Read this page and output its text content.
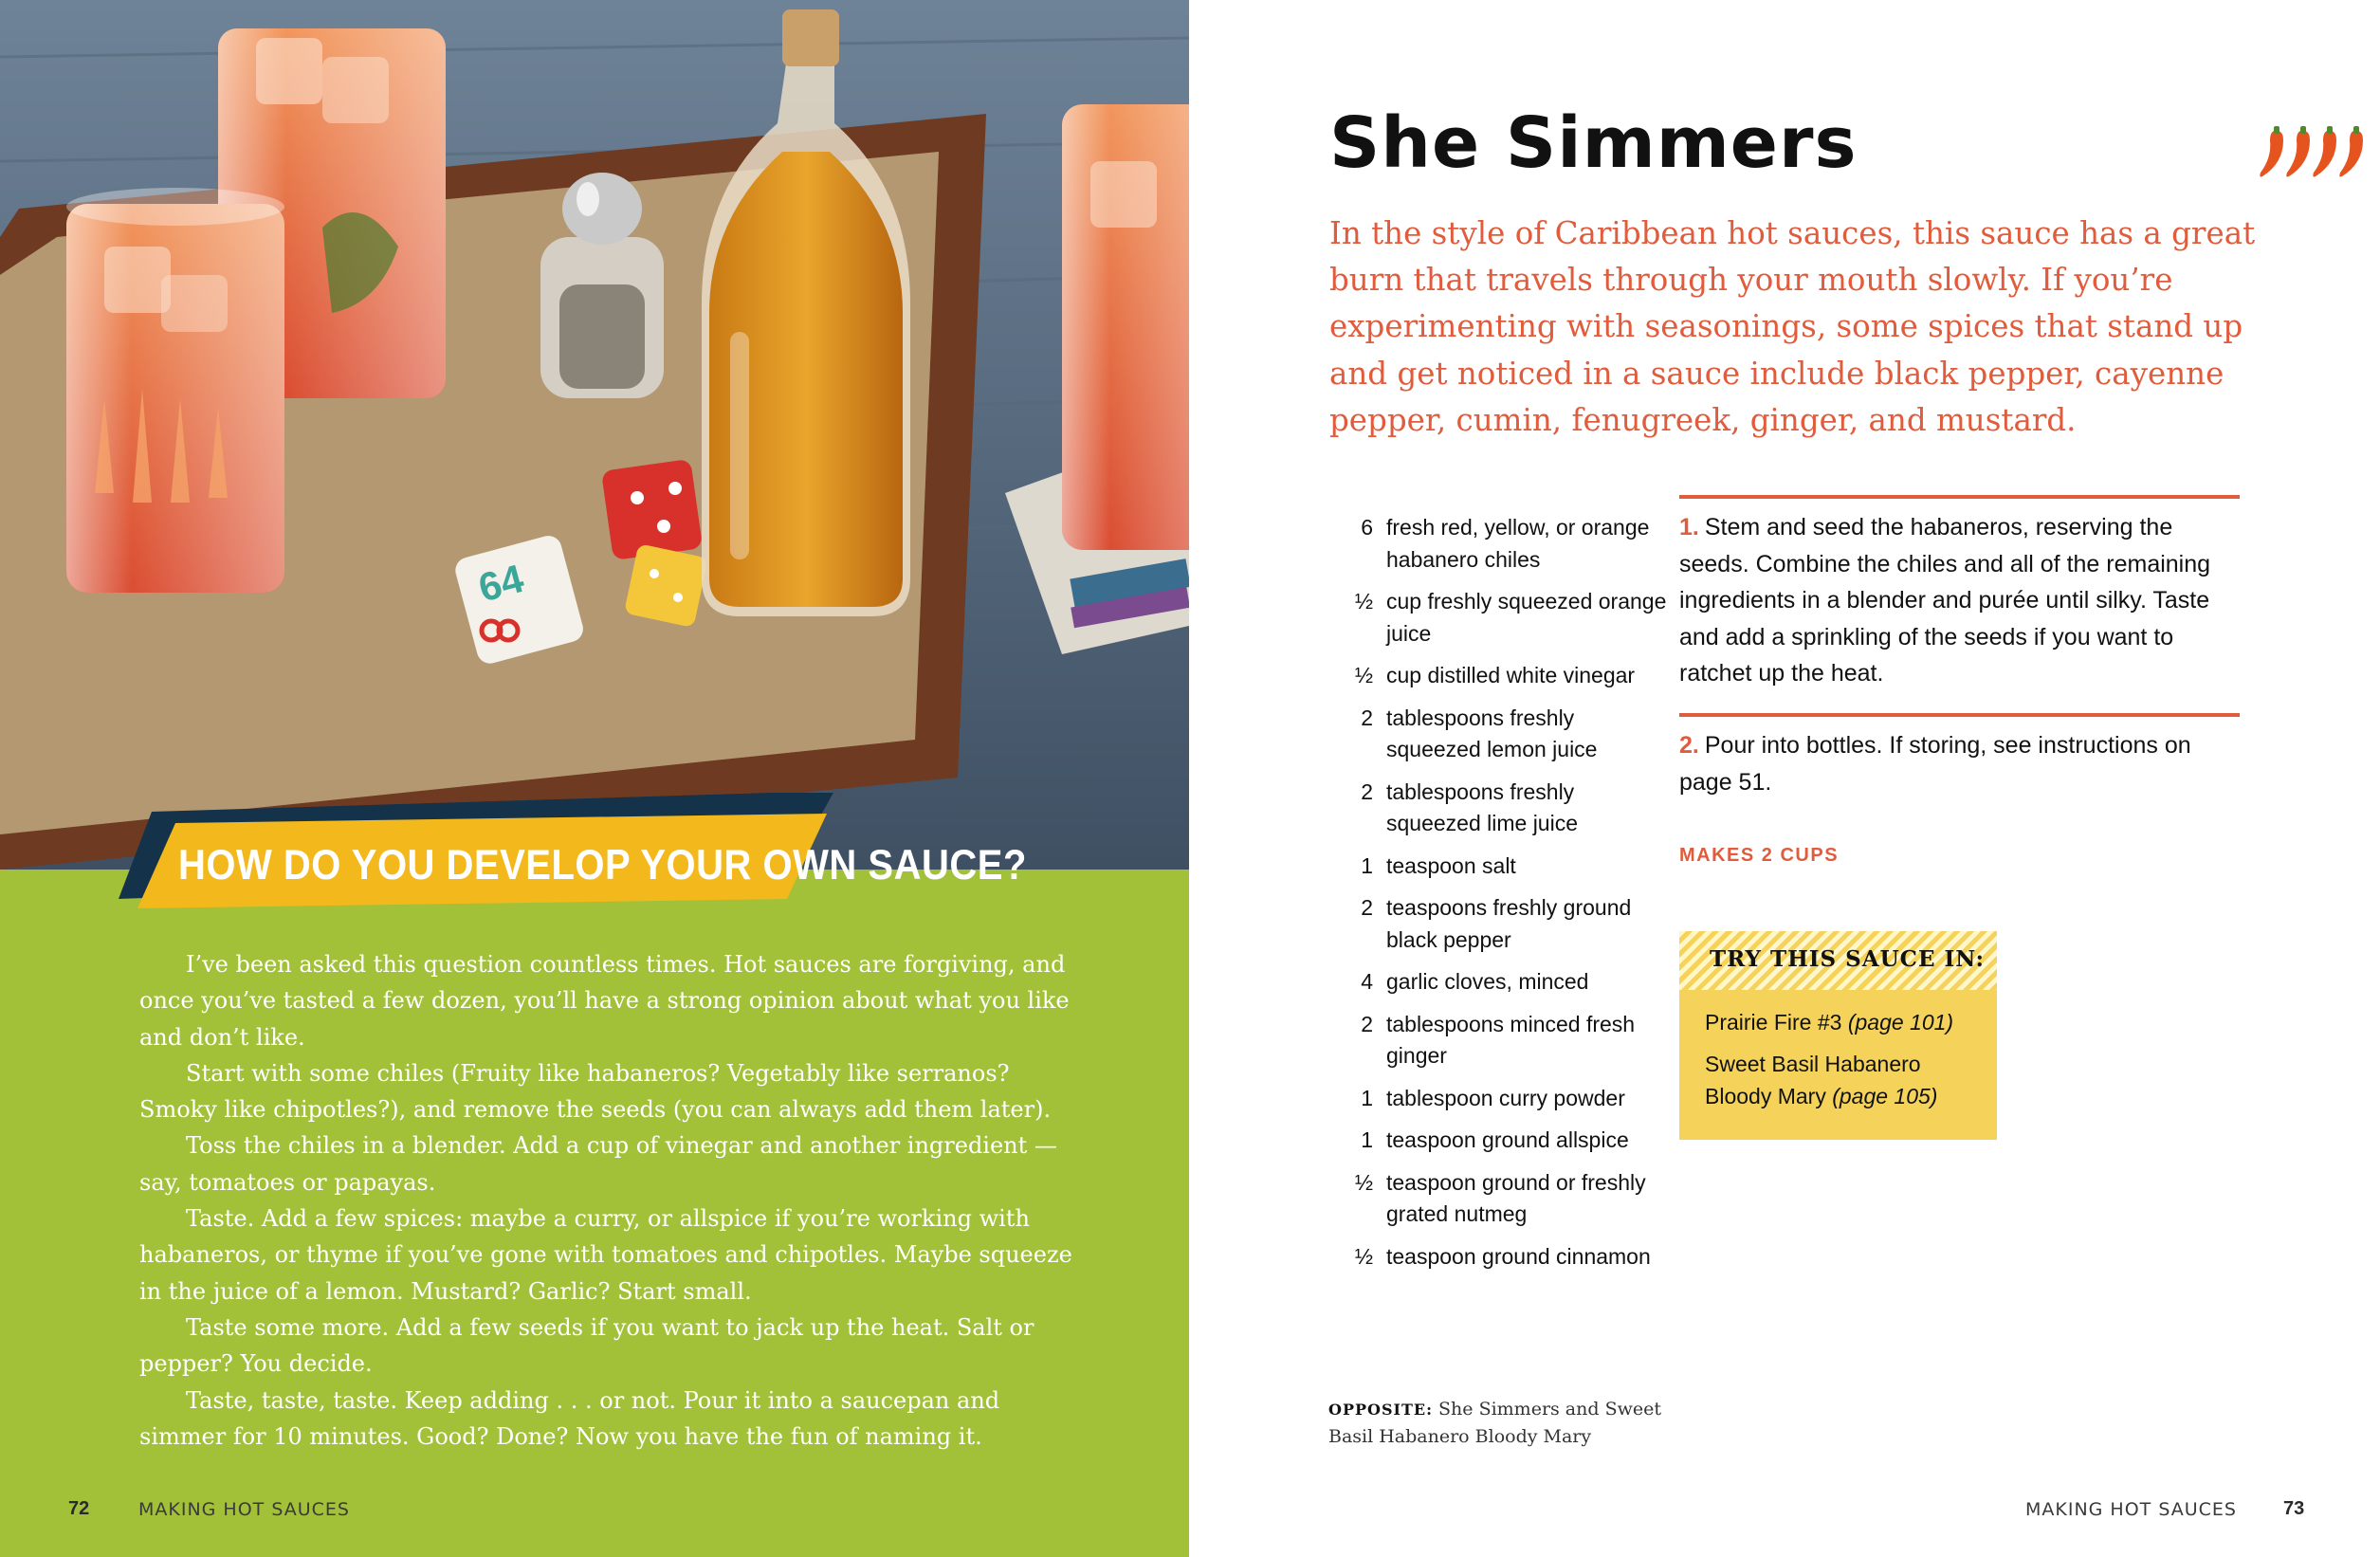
64
HOW DO YOU DEVELOP YOUR OWN SAUCE?

I’ve been asked this question countless times. Hot sauces are forgiving, and once you’ve tasted a few dozen, you’ll have a strong opinion about what you like and don’t like.

Start with some chiles (Fruity like habaneros? Vegetably like serranos? Smoky like chipotles?), and remove the seeds (you can always add them later).

Toss the chiles in a blender. Add a cup of vinegar and another ingredient — say, tomatoes or papayas.

Taste. Add a few spices: maybe a curry, or allspice if you’re working with habaneros, or thyme if you’ve gone with tomatoes and chipotles. Maybe squeeze in the juice of a lemon. Mustard? Garlic? Start small.

Taste some more. Add a few seeds if you want to jack up the heat. Salt or pepper? You decide.

Taste, taste, taste. Keep adding . . . or not. Pour it into a saucepan and simmer for 10 minutes. Good? Done? Now you have the fun of naming it.

72	MAKING HOT SAUCES
She Simmers
In the style of Caribbean hot sauces, this sauce has a great burn that travels through your mouth slowly. If you’re experimenting with seasonings, some spices that stand up and get noticed in a sauce include black pepper, cayenne pepper, cumin, fenugreek, ginger, and mustard.
6 fresh red, yellow, or orange habanero chiles
½ cup freshly squeezed orange juice
½ cup distilled white vinegar
2 tablespoons freshly squeezed lemon juice
2 tablespoons freshly squeezed lime juice
1 teaspoon salt
2 teaspoons freshly ground black pepper
4 garlic cloves, minced
2 tablespoons minced fresh ginger
1 tablespoon curry powder
1 teaspoon ground allspice
½ teaspoon ground or freshly grated nutmeg
½ teaspoon ground cinnamon

1. Stem and seed the habaneros, reserving the seeds. Combine the chiles and all of the remaining ingredients in a blender and purée until silky. Taste and add a sprinkling of the seeds if you want to ratchet up the heat.

2. Pour into bottles. If storing, see instructions on page 51.

MAKES 2 CUPS
TRY THIS SAUCE IN:

Prairie Fire #3 (page 101)

Sweet Basil Habanero Bloody Mary (page 105)

OPPOSITE: She Simmers and Sweet Basil Habanero Bloody Mary
MAKING HOT SAUCES 73
